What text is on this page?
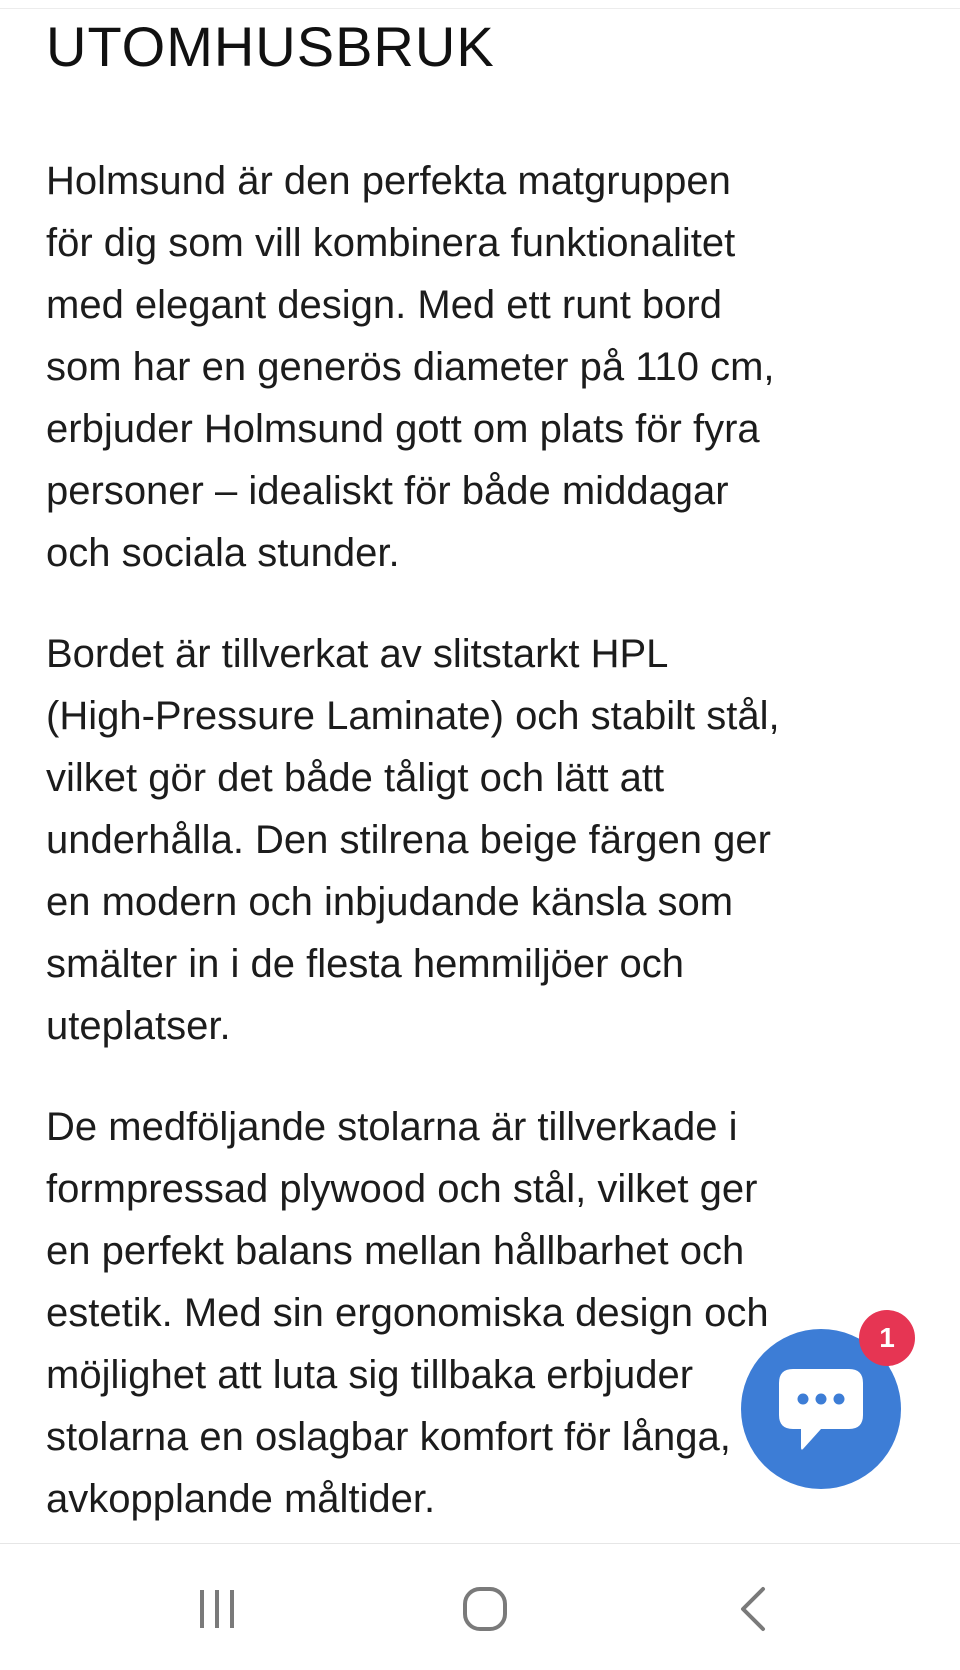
UTOMHUSBRUK

Holmsund är den perfekta matgruppen
för dig som vill kombinera funktionalitet
med elegant design. Med ett runt bord
som har en generös diameter på 110 cm,
erbjuder Holmsund gott om plats för fyra
personer – idealiskt för både middagar
och sociala stunder.

Bordet är tillverkat av slitstarkt HPL
(High-Pressure Laminate) och stabilt stål,
vilket gör det både tåligt och lätt att
underhålla. Den stilrena beige färgen ger
en modern och inbjudande känsla som
smälter in i de flesta hemmiljöer och
uteplatser.

De medföljande stolarna är tillverkade i
formpressad plywood och stål, vilket ger
en perfekt balans mellan hållbarhet och
estetik. Med sin ergonomiska design och
möjlighet att luta sig tillbaka erbjuder
stolarna en oslagbar komfort för långa,
avkopplande måltider.

1
